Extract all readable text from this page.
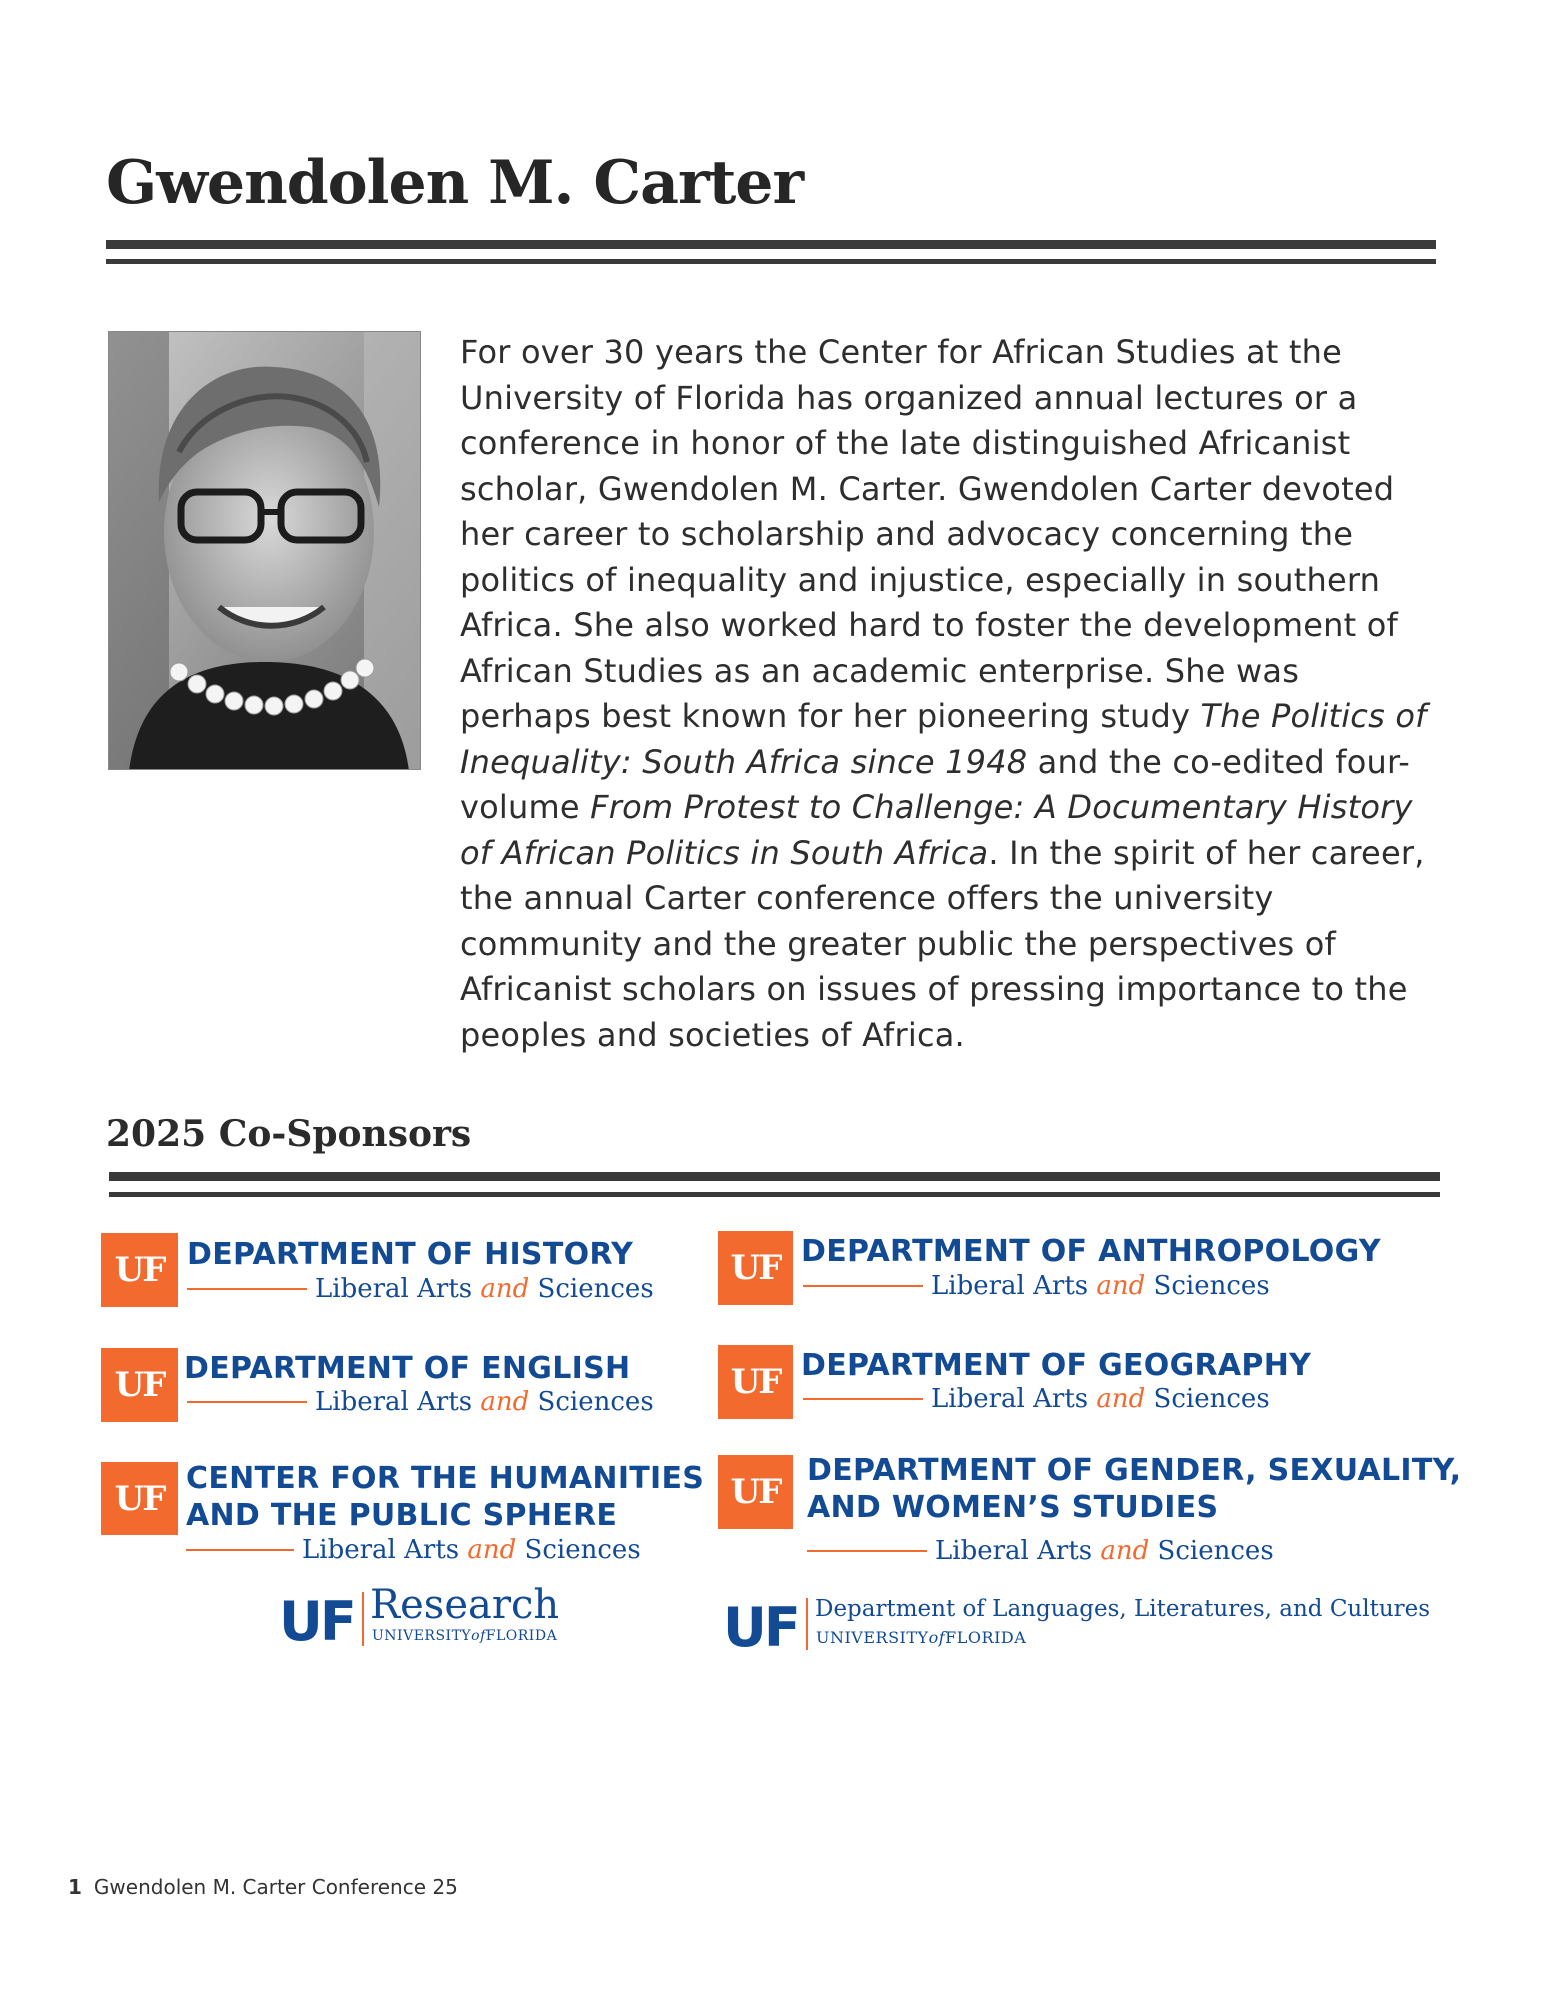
Gwendolen M. Carter

For over 30 years the Center for African Studies at the University of Florida has organized annual lectures or a conference in honor of the late distinguished Africanist scholar, Gwendolen M. Carter. Gwendolen Carter devoted her career to scholarship and advocacy concerning the politics of inequality and injustice, especially in southern Africa. She also worked hard to foster the development of African Studies as an academic enterprise. She was perhaps best known for her pioneering study The Politics of Inequality: South Africa since 1948 and the co-edited four- volume From Protest to Challenge: A Documentary History of African Politics in South Africa. In the spirit of her career, the annual Carter conference offers the university community and the greater public the perspectives of Africanist scholars on issues of pressing importance to the peoples and societies of Africa.

2025 Co-Sponsors
UF DEPARTMENT OF HISTORY
Liberal Arts
and
Sciences
UF DEPARTMENT OF ANTHROPOLOGY
Liberal Arts
and
Sciences
UF DEPARTMENT OF ENGLISH
Liberal Arts
and
Sciences	UF DEPARTMENT OF GEOGRAPHY
Liberal Arts
and
Sciences
UF CENTER FOR THE HUMANITIES
AND THE PUBLIC SPHERE
Liberal Arts
and
Sciences
UF
DEPARTMENT OF GENDER, SEXUALITY,
AND WOMEN’S STUDIES
Liberal Arts
and
Sciences
UF Research
UNIVERSITYofFLORIDA	UF Department of Languages, Literatures, and Cultures
UNIVERSITYofFLORIDA
1 Gwendolen M. Carter Conference 25
